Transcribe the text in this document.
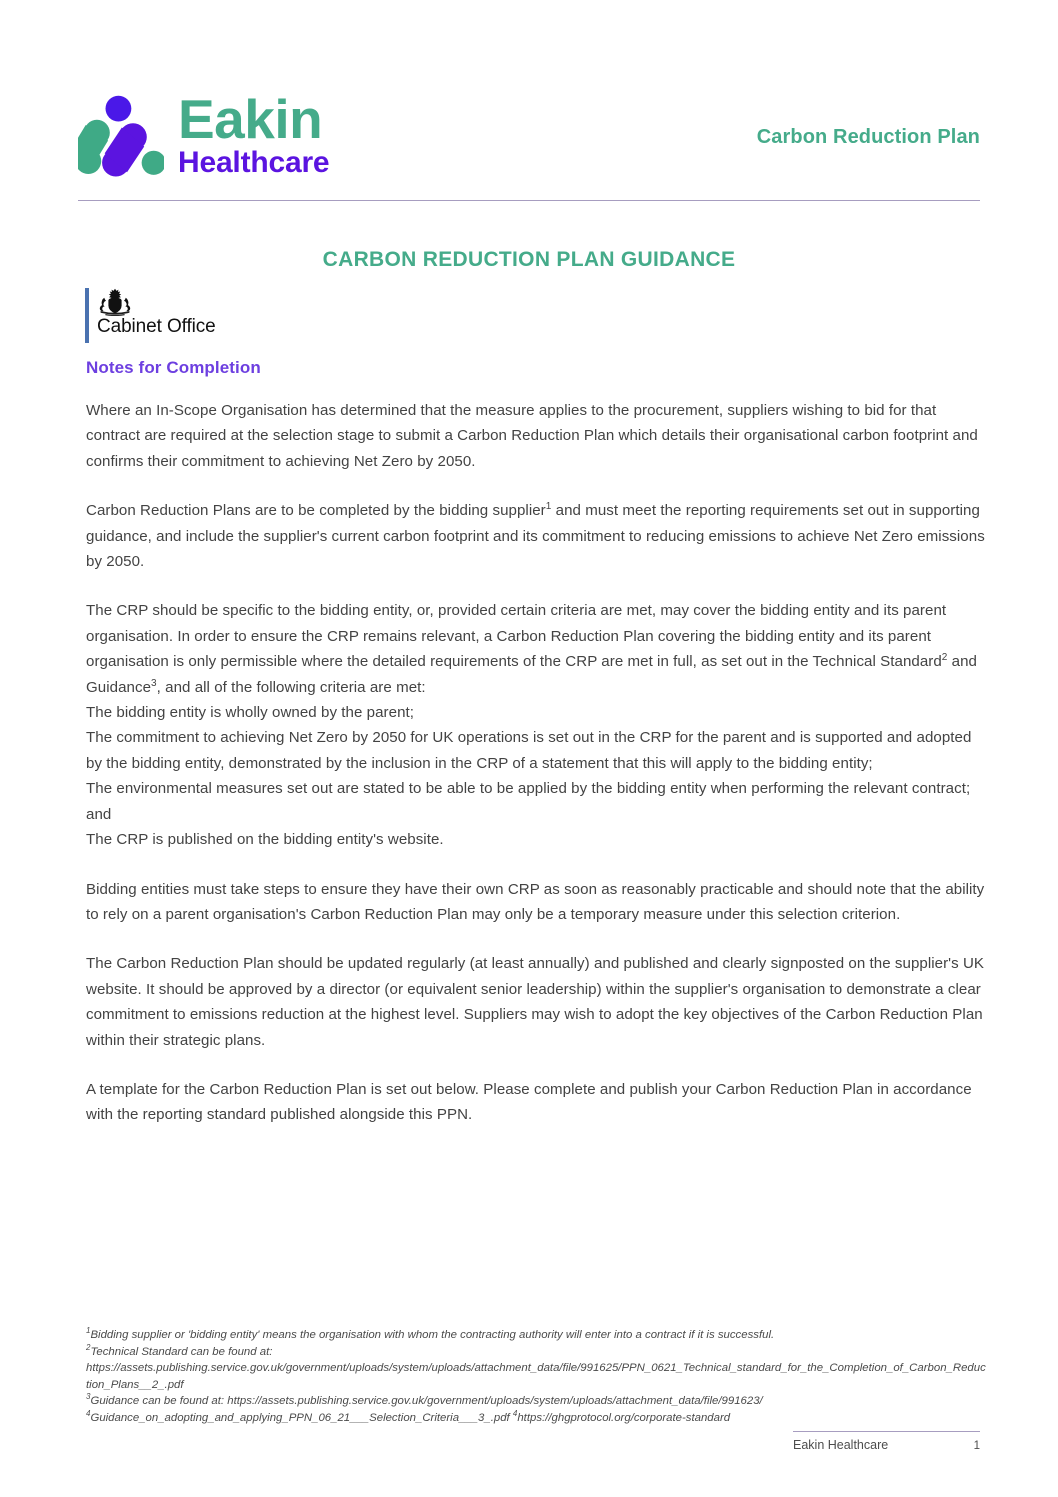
Eakin
Healthcare
Carbon Reduction Plan
CARBON REDUCTION PLAN GUIDANCE
Cabinet Office
Notes for Completion

Where an In-Scope Organisation has determined that the measure applies to the procurement, suppliers wishing to bid for that contract are required at the selection stage to submit a Carbon Reduction Plan which details their organisational carbon footprint and confirms their commitment to achieving Net Zero by 2050.

Carbon Reduction Plans are to be completed by the bidding supplier$^1$ and must meet the reporting requirements set out in supporting guidance, and include the supplier's current carbon footprint and its commitment to reducing emissions to achieve Net Zero emissions by 2050.

The CRP should be specific to the bidding entity, or, provided certain criteria are met, may cover the bidding entity and its parent organisation. In order to ensure the CRP remains relevant, a Carbon Reduction Plan covering the bidding entity and its parent organisation is only permissible where the detailed requirements of the CRP are met in full, as set out in the Technical Standard$^2$ and Guidance$^3$, and all of the following criteria are met:

The bidding entity is wholly owned by the parent;

The commitment to achieving Net Zero by 2050 for UK operations is set out in the CRP for the parent and is supported and adopted by the bidding entity, demonstrated by the inclusion in the CRP of a statement that this will apply to the bidding entity;

The environmental measures set out are stated to be able to be applied by the bidding entity when performing the relevant contract; and

The CRP is published on the bidding entity's website.

Bidding entities must take steps to ensure they have their own CRP as soon as reasonably practicable and should note that the ability to rely on a parent organisation's Carbon Reduction Plan may only be a temporary measure under this selection criterion.

The Carbon Reduction Plan should be updated regularly (at least annually) and published and clearly signposted on the supplier's UK website. It should be approved by a director (or equivalent senior leadership) within the supplier's organisation to demonstrate a clear commitment to emissions reduction at the highest level. Suppliers may wish to adopt the key objectives of the Carbon Reduction Plan within their strategic plans.

A template for the Carbon Reduction Plan is set out below. Please complete and publish your Carbon Reduction Plan in accordance with the reporting standard published alongside this PPN.

$^1$Bidding supplier or 'bidding entity' means the organisation with whom the contracting authority will enter into a contract if it is successful.

$^2$Technical Standard can be found at: https://assets.publishing.service.gov.uk/government/uploads/system/uploads/attachment_data/file/991625/PPN_0621_Technical_standard_for_the_Completion_of_Carbon_Reduction_Plans__2_.pdf

$^3$Guidance can be found at: https://assets.publishing.service.gov.uk/government/uploads/system/uploads/attachment_data/file/991623/

$^4$Guidance_on_adopting_and_applying_PPN_06_21___Selection_Criteria___3_.pdf $^4$https://ghgprotocol.org/corporate-standard

Eakin Healthcare	1
